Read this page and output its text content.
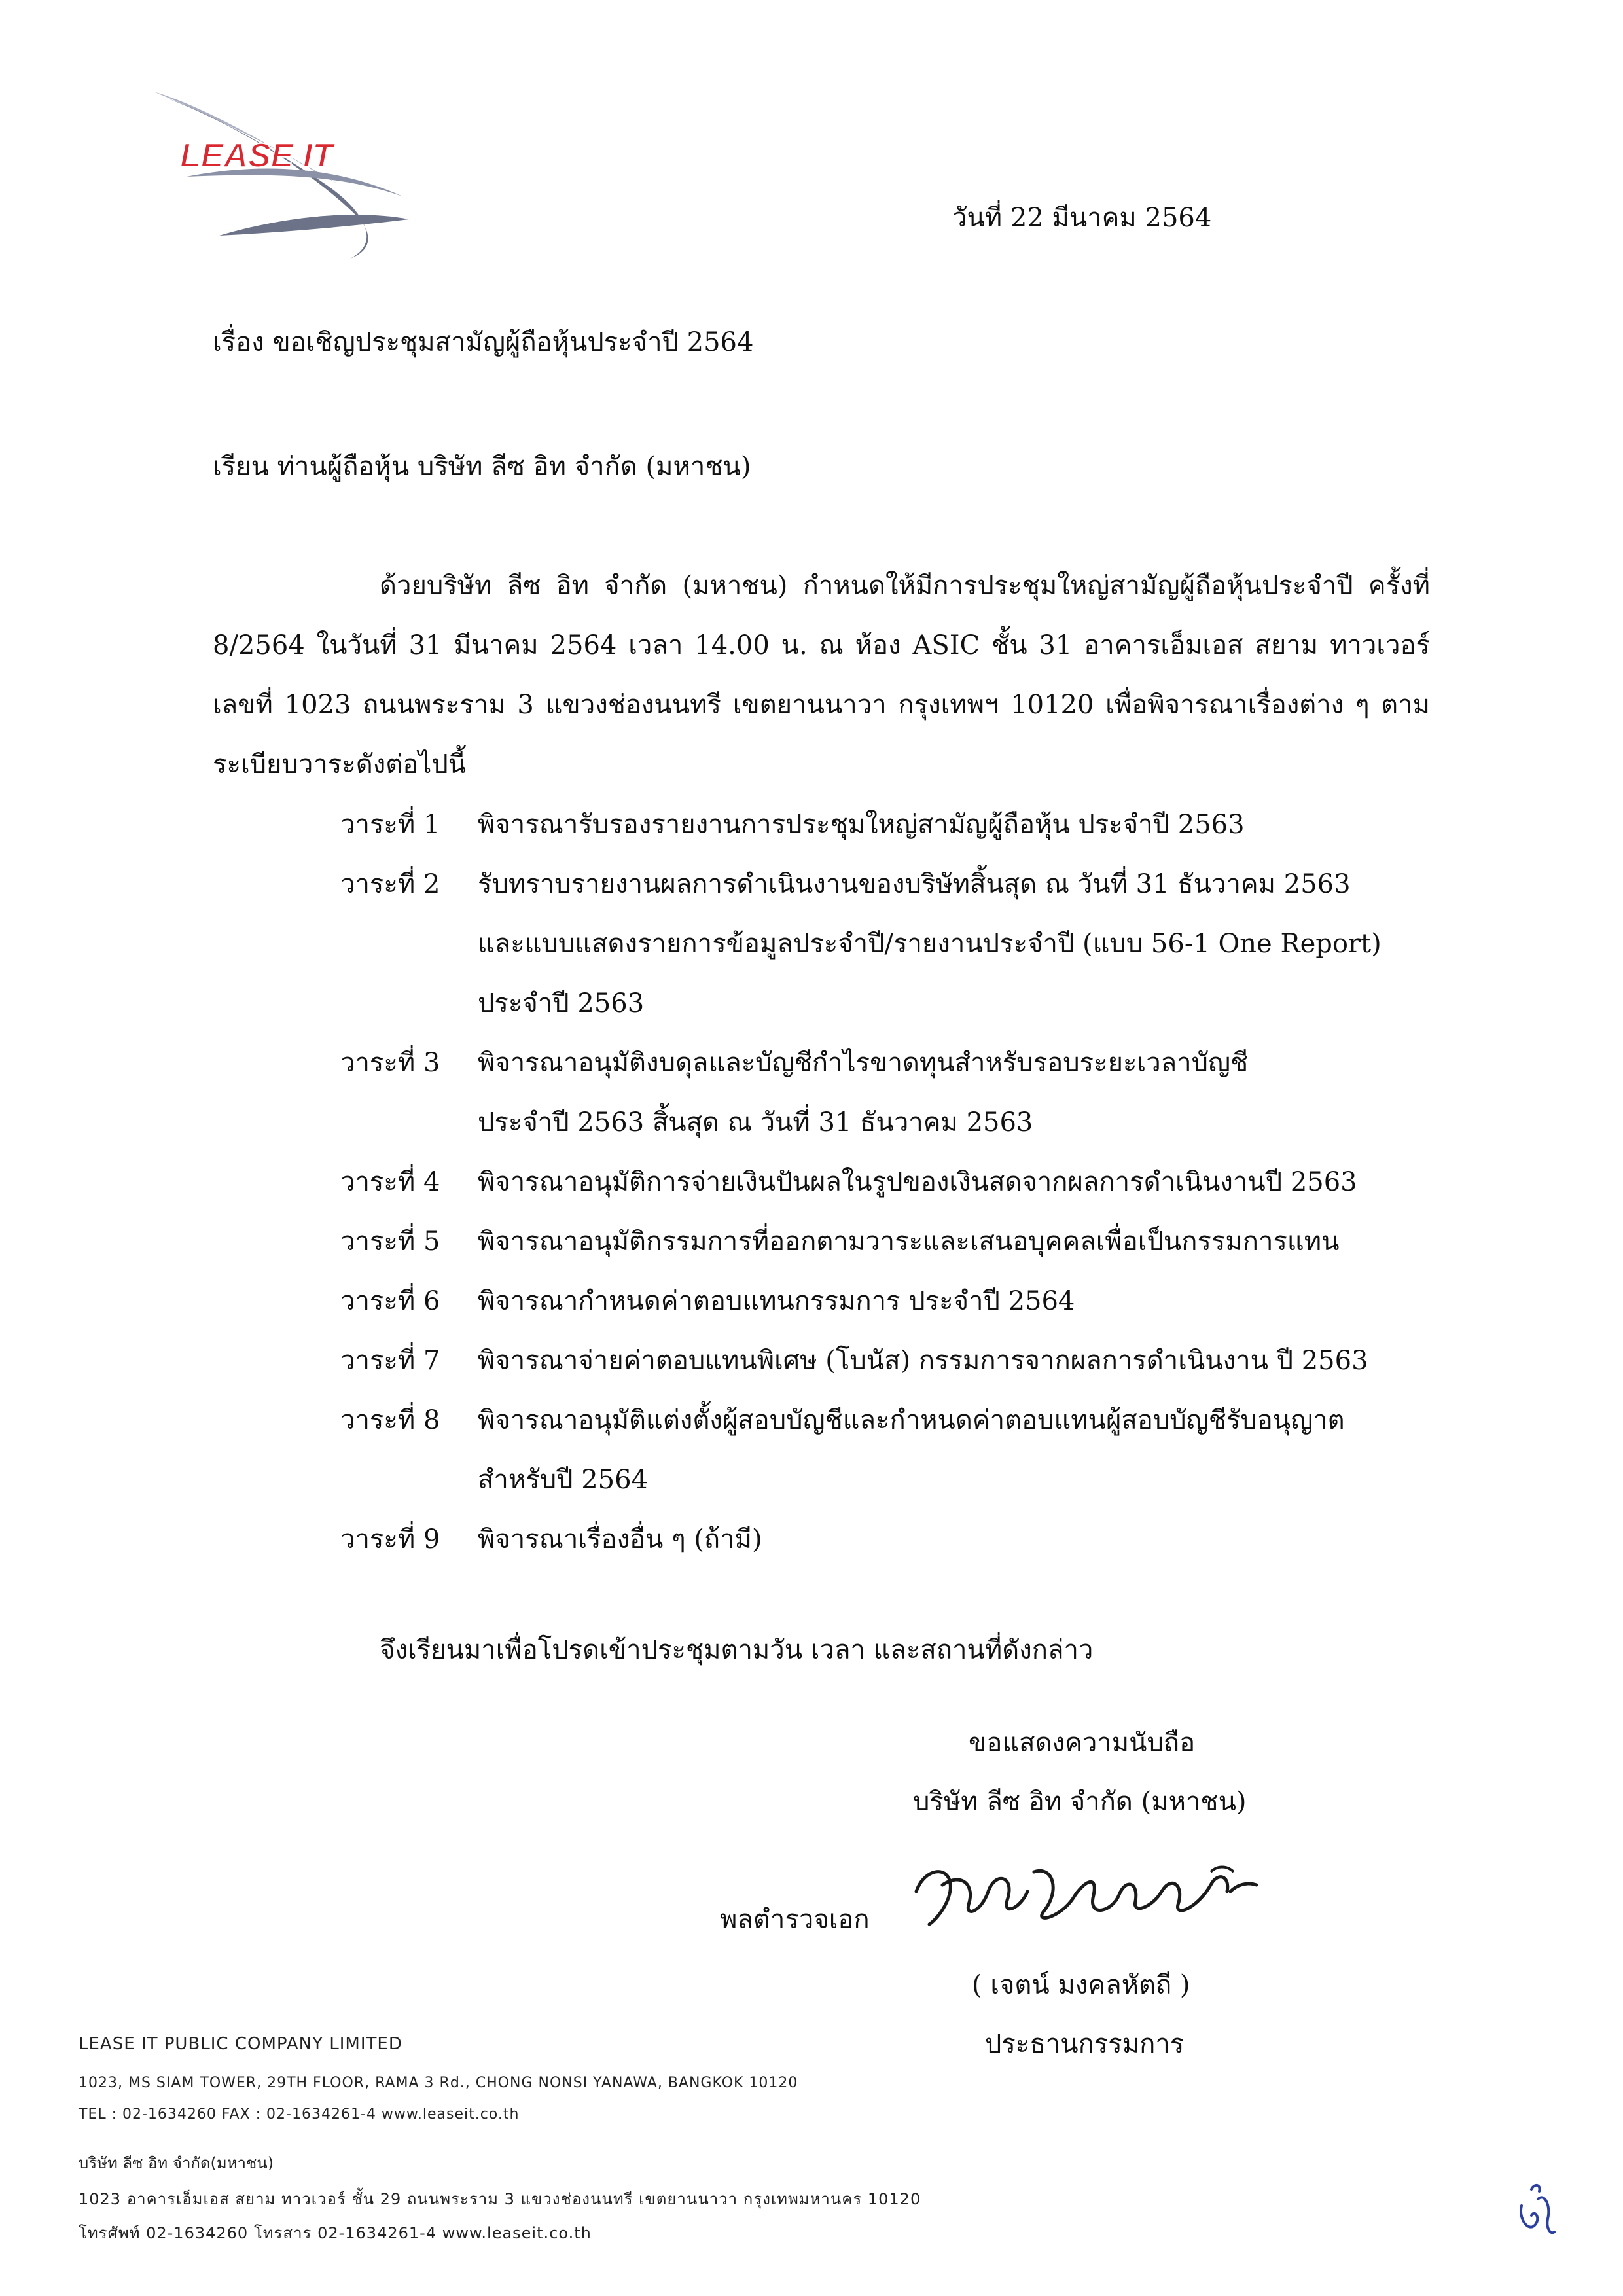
LEASE IT
วันที่ 22 มีนาคม 2564
เรื่อง ขอเชิญประชุมสามัญผู้ถือหุ้นประจำปี 2564
เรียน ท่านผู้ถือหุ้น บริษัท ลีซ อิท จำกัด (มหาชน)
ด้วยบริษัท ลีซ อิท จำกัด (มหาชน) กำหนดให้มีการประชุมใหญ่สามัญผู้ถือหุ้นประจำปี ครั้งที่ 8/2564 ในวันที่ 31 มีนาคม 2564 เวลา 14.00 น. ณ ห้อง ASIC ชั้น 31 อาคารเอ็มเอส สยาม ทาวเวอร์ เลขที่ 1023 ถนนพระราม 3 แขวงช่องนนทรี เขตยานนาวา กรุงเทพฯ 10120 เพื่อพิจารณาเรื่องต่าง ๆ ตามระเบียบวาระดังต่อไปนี้
วาระที่ 1	พิจารณารับรองรายงานการประชุมใหญ่สามัญผู้ถือหุ้น ประจำปี 2563
วาระที่ 2	รับทราบรายงานผลการดำเนินงานของบริษัทสิ้นสุด ณ วันที่ 31 ธันวาคม 2563
และแบบแสดงรายการข้อมูลประจำปี/รายงานประจำปี (แบบ 56-1 One Report)
ประจำปี 2563
วาระที่ 3	พิจารณาอนุมัติงบดุลและบัญชีกำไรขาดทุนสำหรับรอบระยะเวลาบัญชี
ประจำปี 2563 สิ้นสุด ณ วันที่ 31 ธันวาคม 2563
วาระที่ 4	พิจารณาอนุมัติการจ่ายเงินปันผลในรูปของเงินสดจากผลการดำเนินงานปี 2563
วาระที่ 5	พิจารณาอนุมัติกรรมการที่ออกตามวาระและเสนอบุคคลเพื่อเป็นกรรมการแทน
วาระที่ 6	พิจารณากำหนดค่าตอบแทนกรรมการ ประจำปี 2564
วาระที่ 7	พิจารณาจ่ายค่าตอบแทนพิเศษ (โบนัส) กรรมการจากผลการดำเนินงาน ปี 2563
วาระที่ 8	พิจารณาอนุมัติแต่งตั้งผู้สอบบัญชีและกำหนดค่าตอบแทนผู้สอบบัญชีรับอนุญาต
สำหรับปี 2564
วาระที่ 9	พิจารณาเรื่องอื่น ๆ (ถ้ามี)
จึงเรียนมาเพื่อโปรดเข้าประชุมตามวัน เวลา และสถานที่ดังกล่าว
ขอแสดงความนับถือ
บริษัท ลีซ อิท จำกัด (มหาชน)
พลตำรวจเอก
( เจตน์ มงคลหัตถี )
ประธานกรรมการ
LEASE IT PUBLIC COMPANY LIMITED
1023, MS SIAM TOWER, 29TH FLOOR, RAMA 3 Rd., CHONG NONSI YANAWA, BANGKOK 10120
TEL : 02-1634260 FAX : 02-1634261-4 www.leaseit.co.th
บริษัท ลีซ อิท จำกัด(มหาชน)
1023 อาคารเอ็มเอส สยาม ทาวเวอร์ ชั้น 29 ถนนพระราม 3 แขวงช่องนนทรี เขตยานนาวา กรุงเทพมหานคร 10120
โทรศัพท์ 02-1634260 โทรสาร 02-1634261-4 www.leaseit.co.th
